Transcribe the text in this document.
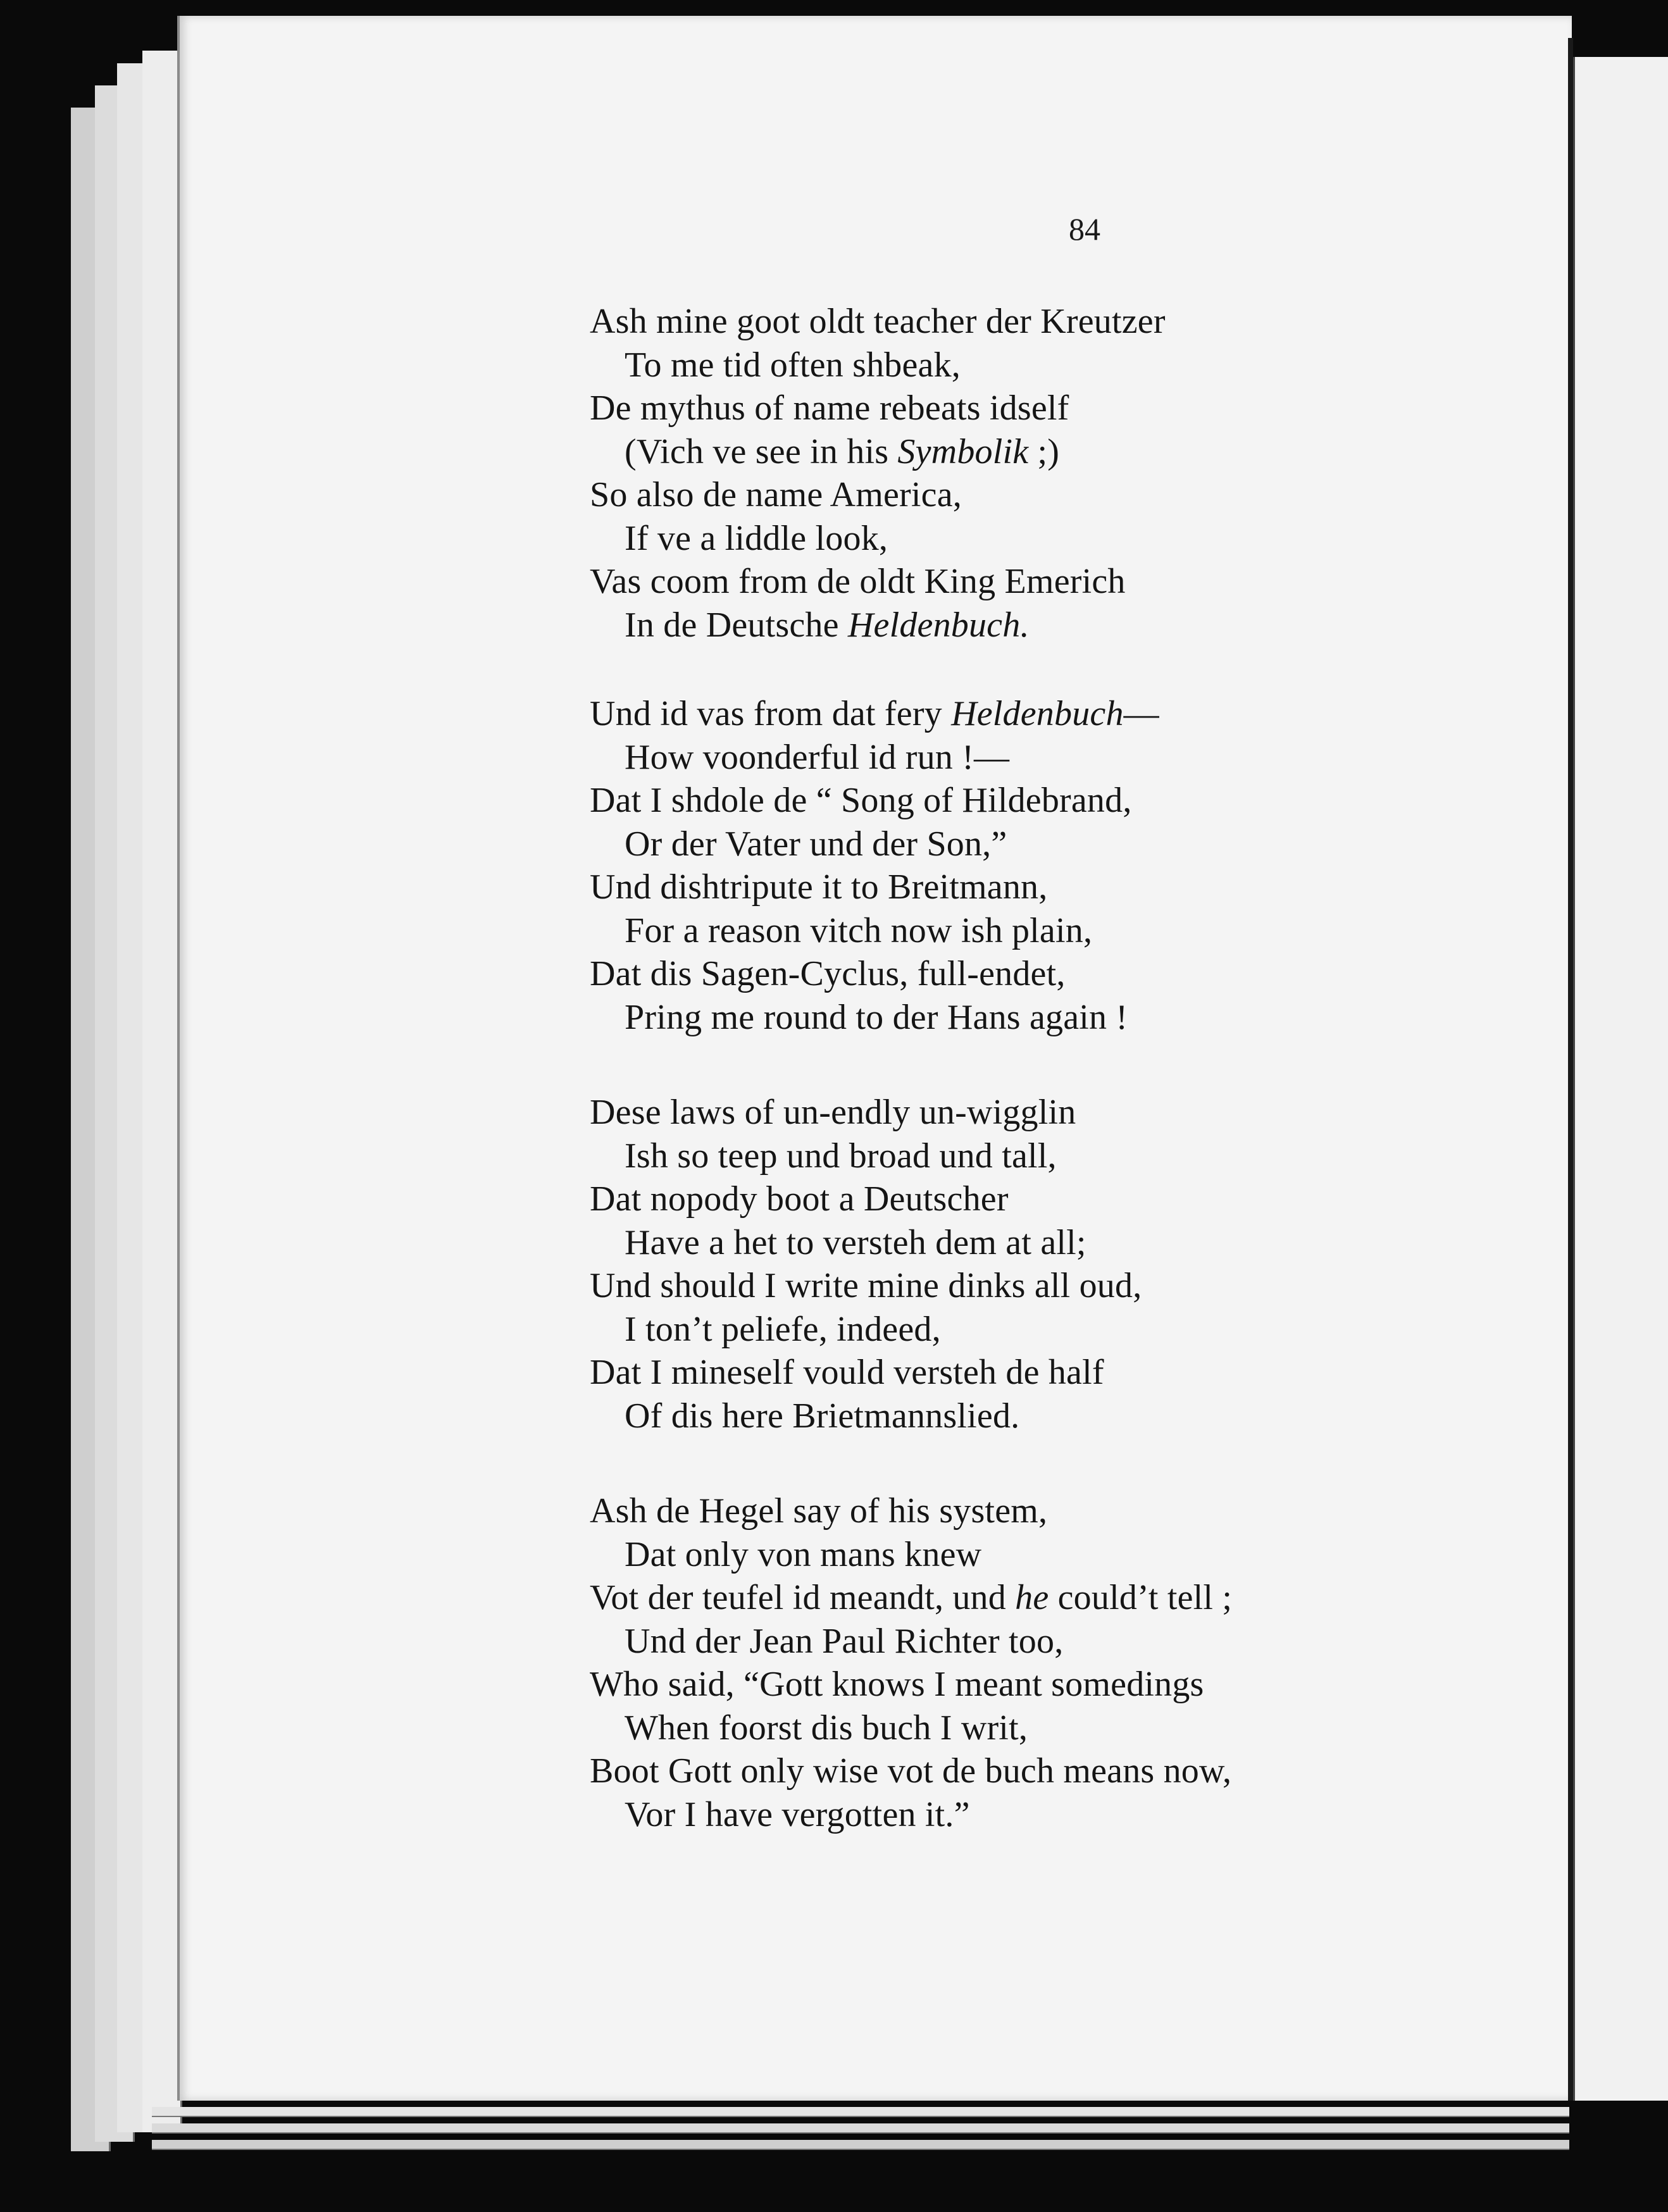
84
Ash mine goot oldt teacher der Kreutzer
To me tid often shbeak,
De mythus of name rebeats idself
(Vich ve see in his Symbolik ;)
So also de name America,
If ve a liddle look,
Vas coom from de oldt King Emerich
In de Deutsche Heldenbuch.
Und id vas from dat fery Heldenbuch—
How voonderful id run !—
Dat I shdole de “ Song of Hildebrand,
Or der Vater und der Son,”
Und dishtripute it to Breitmann,
For a reason vitch now ish plain,
Dat dis Sagen-Cyclus, full-endet,
Pring me round to der Hans again !
Dese laws of un-endly un-wigglin
Ish so teep und broad und tall,
Dat nopody boot a Deutscher
Have a het to versteh dem at all;
Und should I write mine dinks all oud,
I ton’t peliefe, indeed,
Dat I mineself vould versteh de half
Of dis here Brietmannslied.
Ash de Hegel say of his system,
Dat only von mans knew
Vot der teufel id meandt, und he could’t tell ;
Und der Jean Paul Richter too,
Who said, “Gott knows I meant somedings
When foorst dis buch I writ,
Boot Gott only wise vot de buch means now,
Vor I have vergotten it.”
